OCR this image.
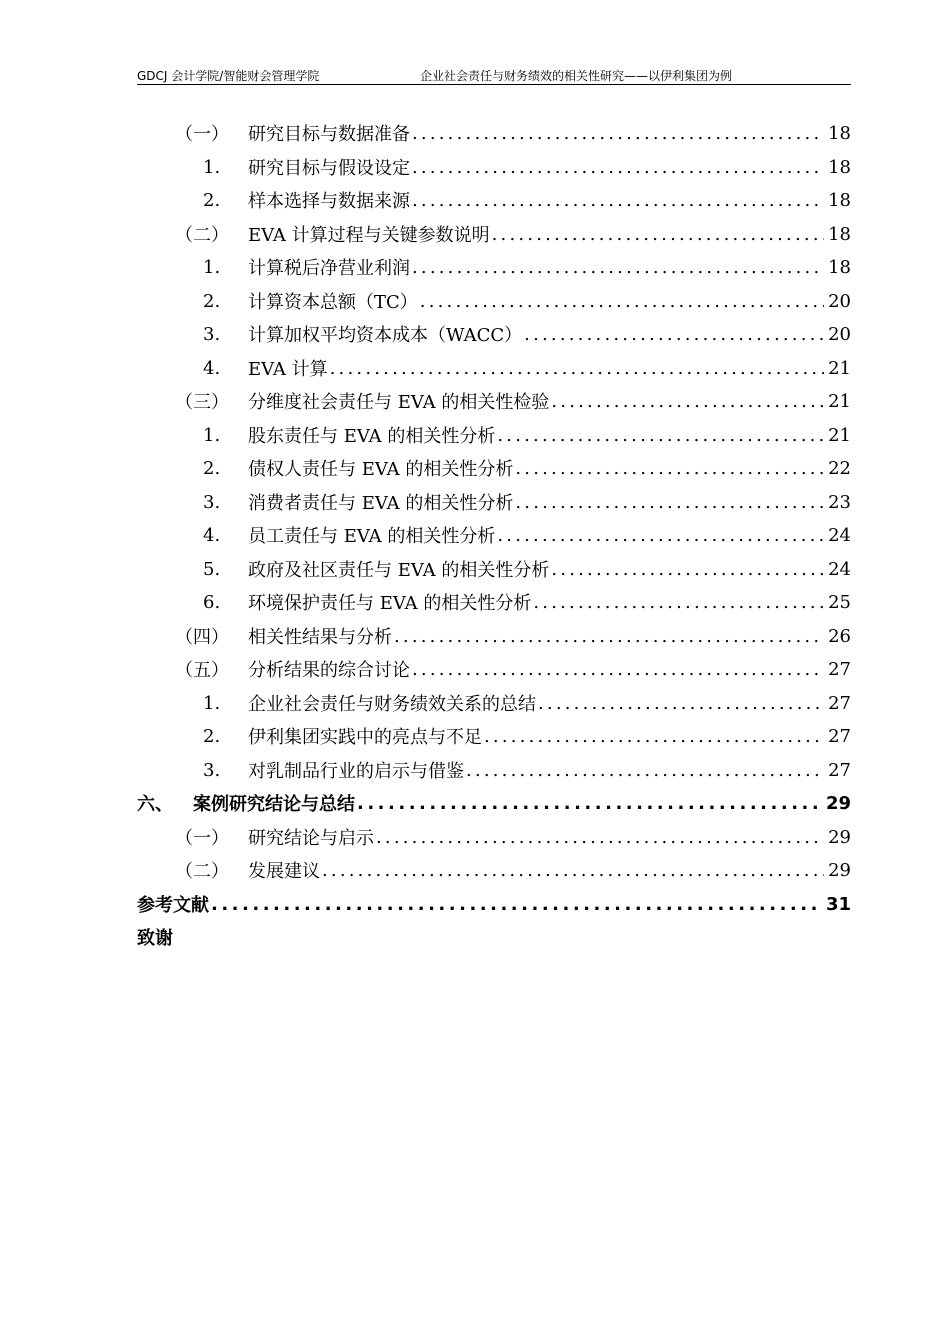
GDCJ 会计学院/智能财会管理学院	企业社会责任与财务绩效的相关性研究——以伊利集团为例
（一）	研究目标与数据准备 .....	18
1.	研究目标与假设设定 .....	18
2.	样本选择与数据来源 .....	18
（二）	EVA 计算过程与关键参数说明 .....	18
1.	计算税后净营业利润 .....	18
2.	计算资本总额（TC） .....	20
3.	计算加权平均资本成本（WACC） .....	20
4.	EVA 计算 .....	21
（三）	分维度社会责任与 EVA 的相关性检验 .....	21
1.	股东责任与 EVA 的相关性分析 .....	21
2.	债权人责任与 EVA 的相关性分析 .....	22
3.	消费者责任与 EVA 的相关性分析 .....	23
4.	员工责任与 EVA 的相关性分析 .....	24
5.	政府及社区责任与 EVA 的相关性分析 .....	24
6.	环境保护责任与 EVA 的相关性分析 .....	25
（四）	相关性结果与分析 .....	26
（五）	分析结果的综合讨论 .....	27
1.	企业社会责任与财务绩效关系的总结 .....	27
2.	伊利集团实践中的亮点与不足 .....	27
3.	对乳制品行业的启示与借鉴 .....	27
六、	案例研究结论与总结 .....	29
（一）	研究结论与启示 .....	29
（二）	发展建议 .....	29
参考文献 .....	31
致谢
